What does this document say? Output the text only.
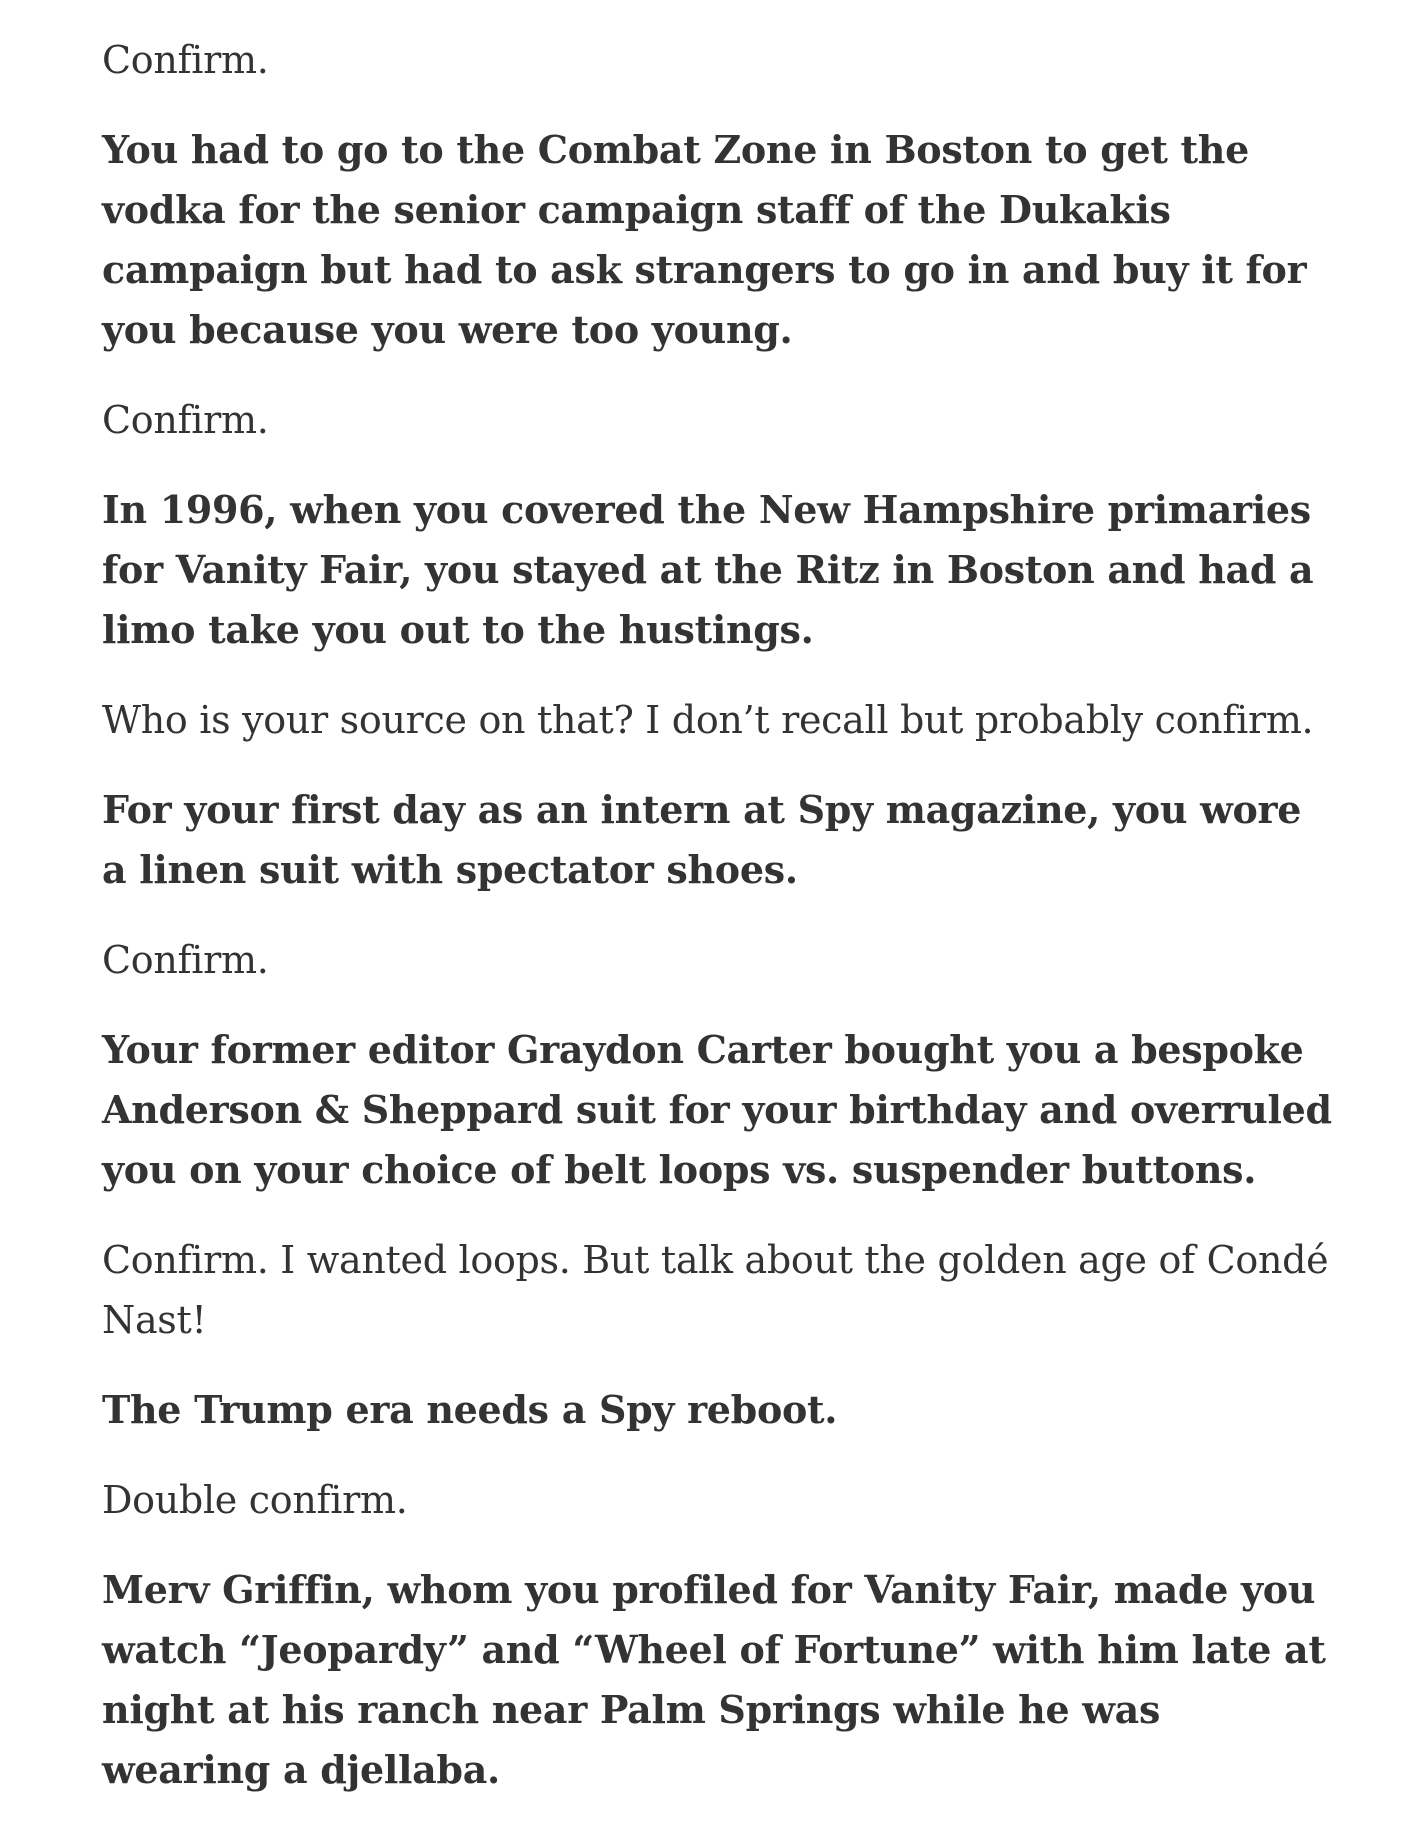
Confirm.

You had to go to the Combat Zone in Boston to get the vodka for the senior campaign staff of the Dukakis campaign but had to ask strangers to go in and buy it for you because you were too young.

Confirm.

In 1996, when you covered the New Hampshire primaries for Vanity Fair, you stayed at the Ritz in Boston and had a limo take you out to the hustings.

Who is your source on that? I don’t recall but probably confirm.

For your first day as an intern at Spy magazine, you wore a linen suit with spectator shoes.

Confirm.

Your former editor Graydon Carter bought you a bespoke Anderson & Sheppard suit for your birthday and overruled you on your choice of belt loops vs. suspender buttons.

Confirm. I wanted loops. But talk about the golden age of Condé Nast!

The Trump era needs a Spy reboot.

Double confirm.

Merv Griffin, whom you profiled for Vanity Fair, made you watch “Jeopardy” and “Wheel of Fortune” with him late at night at his ranch near Palm Springs while he was wearing a djellaba.
